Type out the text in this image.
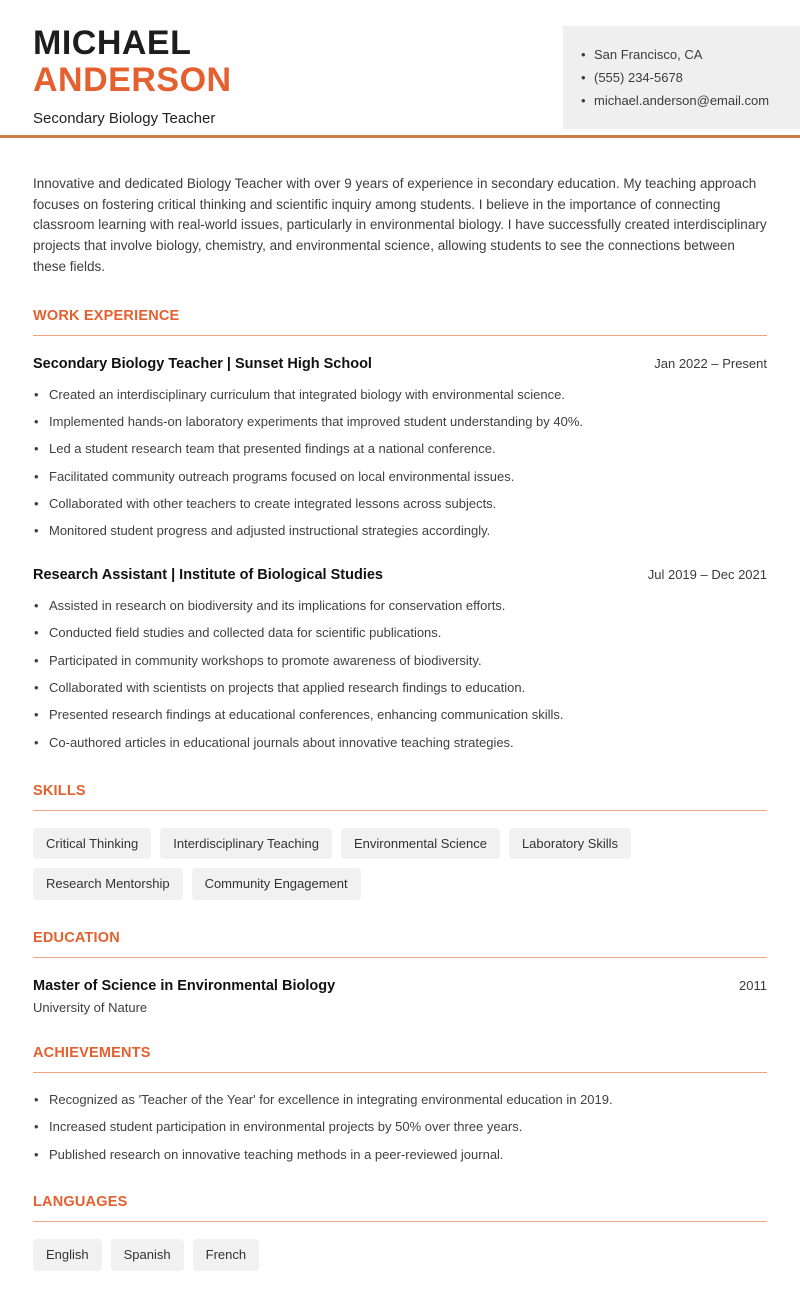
MICHAEL
ANDERSON
Secondary Biology Teacher
• San Francisco, CA
• (555) 234-5678
• michael.anderson@email.com

Innovative and dedicated Biology Teacher with over 9 years of experience in secondary education. My teaching approach focuses on fostering critical thinking and scientific inquiry among students. I believe in the importance of connecting classroom learning with real-world issues, particularly in environmental biology. I have successfully created interdisciplinary projects that involve biology, chemistry, and environmental science, allowing students to see the connections between these fields.

WORK EXPERIENCE
Secondary Biology Teacher | Sunset High School	Jan 2022 – Present
• Created an interdisciplinary curriculum that integrated biology with environmental science.
• Implemented hands-on laboratory experiments that improved student understanding by 40%.
• Led a student research team that presented findings at a national conference.
• Facilitated community outreach programs focused on local environmental issues.
• Collaborated with other teachers to create integrated lessons across subjects.
• Monitored student progress and adjusted instructional strategies accordingly.
Research Assistant | Institute of Biological Studies	Jul 2019 – Dec 2021
• Assisted in research on biodiversity and its implications for conservation efforts.
• Conducted field studies and collected data for scientific publications.
• Participated in community workshops to promote awareness of biodiversity.
• Collaborated with scientists on projects that applied research findings to education.
• Presented research findings at educational conferences, enhancing communication skills.
• Co-authored articles in educational journals about innovative teaching strategies.
SKILLS
Critical Thinking	Interdisciplinary Teaching	Environmental Science	Laboratory Skills
Research Mentorship	Community Engagement
EDUCATION
Master of Science in Environmental Biology	2011
University of Nature
ACHIEVEMENTS
• Recognized as 'Teacher of the Year' for excellence in integrating environmental education in 2019.
• Increased student participation in environmental projects by 50% over three years.
• Published research on innovative teaching methods in a peer-reviewed journal.
LANGUAGES
English	Spanish	French
